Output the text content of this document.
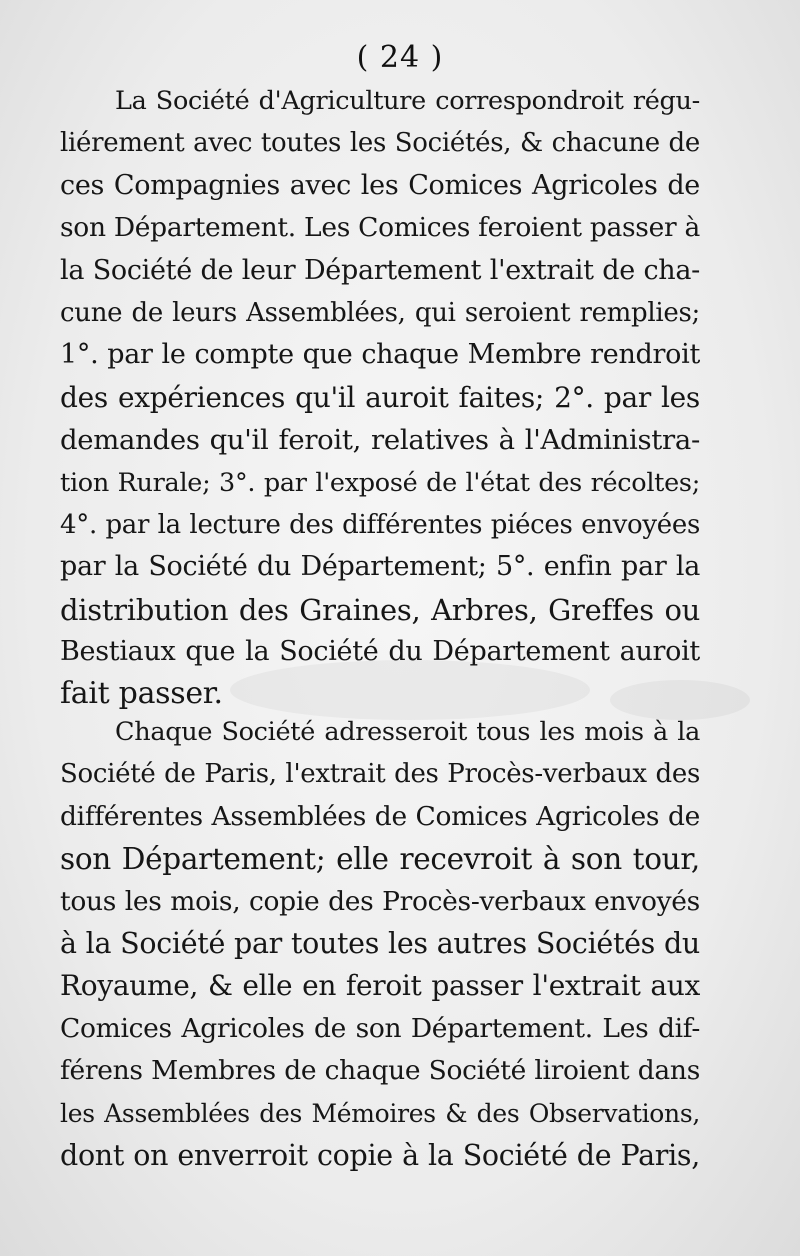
( 24 )
La Société d'Agriculture correspondroit régu-
liérement avec toutes les Sociétés, & chacune de
ces Compagnies avec les Comices Agricoles de
son Département. Les Comices feroient passer à
la Société de leur Département l'extrait de cha-
cune de leurs Assemblées, qui seroient remplies;
1°. par le compte que chaque Membre rendroit
des expériences qu'il auroit faites; 2°. par les
demandes qu'il feroit, relatives à l'Administra-
tion Rurale; 3°. par l'exposé de l'état des récoltes;
4°. par la lecture des différentes piéces envoyées
par la Société du Département; 5°. enfin par la
distribution des Graines, Arbres, Greffes ou
Bestiaux que la Société du Département auroit
fait passer.
Chaque Société adresseroit tous les mois à la
Société de Paris, l'extrait des Procès-verbaux des
différentes Assemblées de Comices Agricoles de
son Département; elle recevroit à son tour,
tous les mois, copie des Procès-verbaux envoyés
à la Société par toutes les autres Sociétés du
Royaume, & elle en feroit passer l'extrait aux
Comices Agricoles de son Département. Les dif-
férens Membres de chaque Société liroient dans
les Assemblées des Mémoires & des Observations,
dont on enverroit copie à la Société de Paris,
